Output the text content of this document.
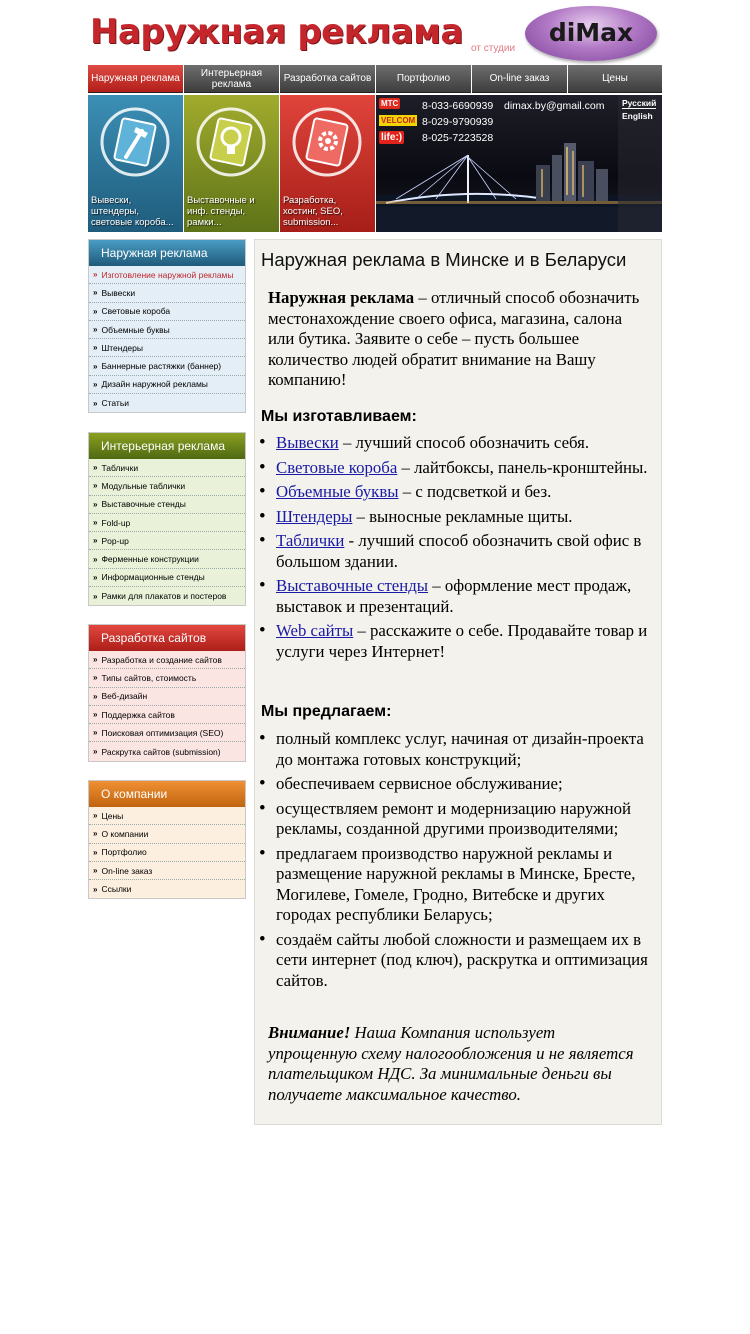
Наружная реклама от студии
diMax
Наружная реклама	Интерьерная реклама	Разработка сайтов	Портфолио	On-line заказ	Цены
Вывески, штендеры, световые короба...
Выставочные и инф. стенды, рамки...
Разработка, хостинг, SEO, submission...
МТС
VELCOM
life:)
8-033-6690939
8-029-9790939
8-025-7223528
dimax.by@gmail.com Русский
English
Наружная реклама
» Изготовление наружной рекламы
» Вывески
» Световые короба
» Объемные буквы
» Штендеры
» Баннерные растяжки (баннер)
» Дизайн наружной рекламы
» Статьи
Интерьерная реклама
» Таблички
» Модульные таблички
» Выставочные стенды
» Fold-up
» Pop-up
» Ферменные конструкции
» Информационные стенды
» Рамки для плакатов и постеров
Разработка сайтов
» Разработка и создание сайтов
» Типы сайтов, стоимость
» Веб-дизайн
» Поддержка сайтов
» Поисковая оптимизация (SEO)
» Раскрутка сайтов (submission)
О компании
» Цены
» О компании
» Портфолио
» On-line заказ
» Ссылки
Наружная реклама в Минске и в Беларуси

Наружная реклама – отличный способ обозначить местонахождение своего офиса, магазина, салона или бутика. Заявите о себе – пусть большее количество людей обратит внимание на Вашу компанию!

Мы изготавливаем:
• Вывески – лучший способ обозначить себя.
• Световые короба – лайтбоксы, панель-кронштейны.
• Объемные буквы – с подсветкой и без.
• Штендеры – выносные рекламные щиты.
• Таблички - лучший способ обозначить свой офис в большом здании.
• Выставочные стенды – оформление мест продаж, выставок и презентаций.
• Web сайты – расскажите о себе. Продавайте товар и услуги через Интернет!
Мы предлагаем:
• полный комплекс услуг, начиная от дизайн-проекта до монтажа готовых конструкций;
• обеспечиваем сервисное обслуживание;
• осуществляем ремонт и модернизацию наружной рекламы, созданной другими производителями;
• предлагаем производство наружной рекламы и размещение наружной рекламы в Минске, Бресте, Могилеве, Гомеле, Гродно, Витебске и других городах республики Беларусь;
• создаём сайты любой сложности и размещаем их в сети интернет (под ключ), раскрутка и оптимизация сайтов.

Внимание! Наша Компания использует упрощенную схему налогообложения и не является плательщиком НДС. За минимальные деньги вы получаете максимальное качество.
